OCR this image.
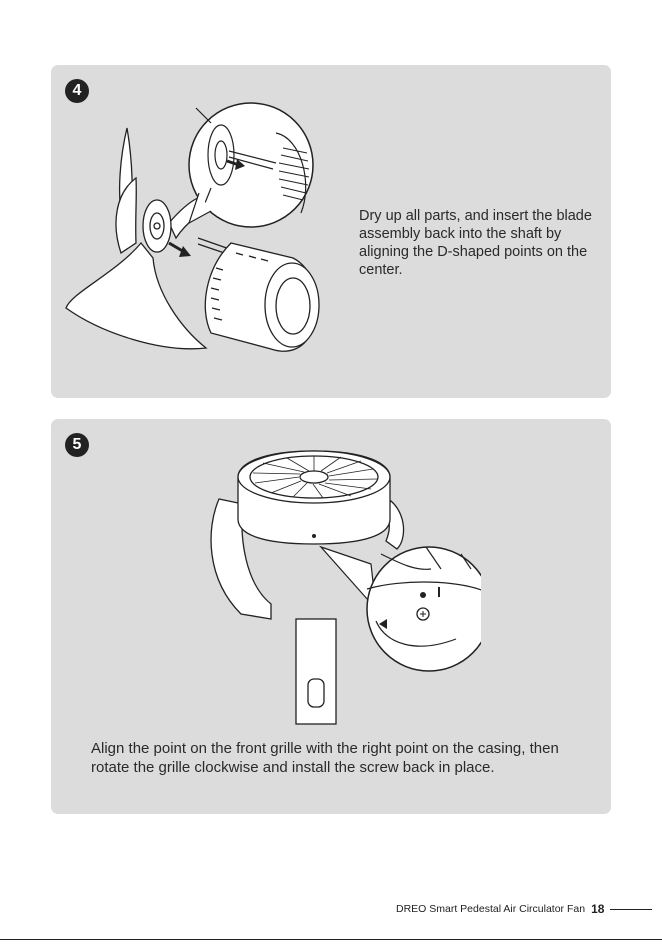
4
Dry up all parts, and insert the blade assembly back into the shaft by aligning the D-shaped points on the center.
5
Align the point on the front grille with the right point on the casing, then rotate the grille clockwise and install the screw back in place.
DREO Smart Pedestal Air Circulator Fan 18
